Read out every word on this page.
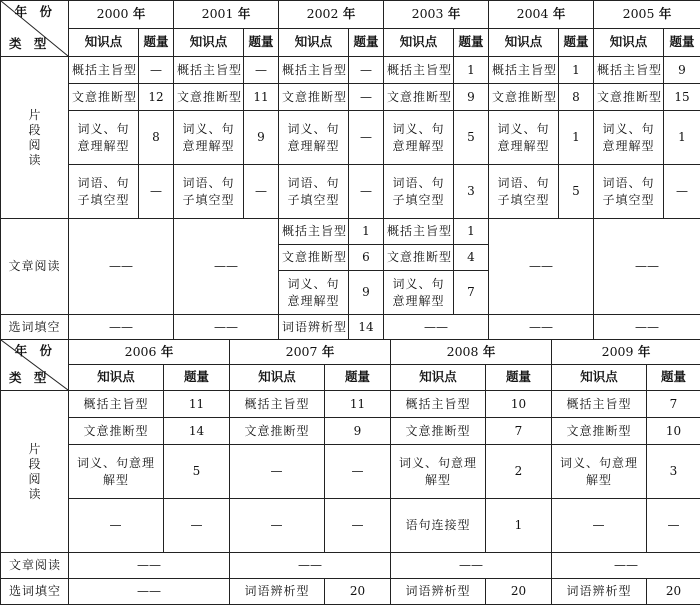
年 份
类 型	2000 年		2001 年		2002 年		2003 年		2004 年		2005 年	
	知识点	题量	知识点	题量	知识点	题量	知识点	题量	知识点	题量	知识点	题量

片段阅读	概括主旨型	—	概括主旨型	—	概括主旨型	—	概括主旨型	1	概括主旨型	1	概括主旨型	9
	文意推断型	12	文意推断型	11	文意推断型	—	文意推断型	9	文意推断型	8	文意推断型	15
	词义、句意理解型	8	词义、句意理解型	9	词义、句意理解型	—	词义、句意理解型	5	词义、句意理解型	1	词义、句意理解型	1
	词语、句子填空型	—	词语、句子填空型	—	词语、句子填空型	—	词语、句子填空型	3	词语、句子填空型	5	词语、句子填空型	—
文章阅读	——		——		概括主旨型	1	概括主旨型	1	——		——	
					文意推断型	6	文意推断型	4				
					词义、句意理解型	9	词义、句意理解型	7				
选词填空	——		——		词语辨析型	14	——		——		——	
年 份
类 型	2006 年		2007 年		2008 年		2009 年	
	知识点	题量	知识点	题量	知识点	题量	知识点	题量

片段阅读	概括主旨型	11	概括主旨型	11	概括主旨型	10	概括主旨型	7
	文意推断型	14	文意推断型	9	文意推断型	7	文意推断型	10
	词义、句意理解型	5	—	—	词义、句意理解型	2	词义、句意理解型	3
	—	—	—	—	语句连接型	1	—	—
文章阅读	——		——		——		——	
选词填空	——		词语辨析型	20	词语辨析型	20	词语辨析型	20
